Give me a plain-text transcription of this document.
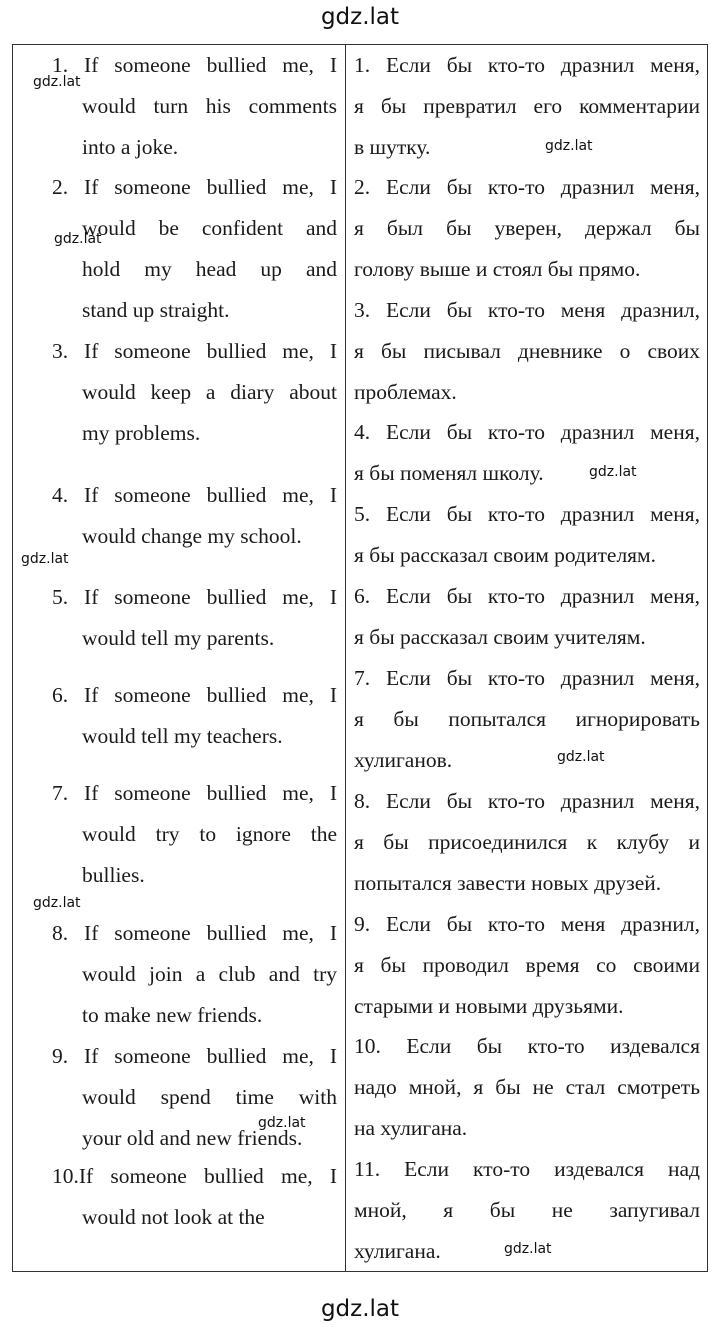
gdz.lat
1. If someone bullied me, I
would turn his comments
into a joke.
2. If someone bullied me, I
would be confident and
hold my head up and
stand up straight.
3. If someone bullied me, I
would keep a diary about
my problems.
4. If someone bullied me, I
would change my school.
5. If someone bullied me, I
would tell my parents.
6. If someone bullied me, I
would tell my teachers.
7. If someone bullied me, I
would try to ignore the
bullies.
8. If someone bullied me, I
would join a club and try
to make new friends.
9. If someone bullied me, I
would spend time with
your old and new friends.
10.If someone bullied me, I
would not look at the
1. Если бы кто-то дразнил меня,
я бы превратил его комментарии
в шутку.
2. Если бы кто-то дразнил меня,
я был бы уверен, держал бы
голову выше и стоял бы прямо.
3. Если бы кто-то меня дразнил,
я бы писывал дневнике о своих
проблемах.
4. Если бы кто-то дразнил меня,
я бы поменял школу.
5. Если бы кто-то дразнил меня,
я бы рассказал своим родителям.
6. Если бы кто-то дразнил меня,
я бы рассказал своим учителям.
7. Если бы кто-то дразнил меня,
я бы попытался игнорировать
хулиганов.
8. Если бы кто-то дразнил меня,
я бы присоединился к клубу и
попытался завести новых друзей.
9. Если бы кто-то меня дразнил,
я бы проводил время со своими
старыми и новыми друзьями.
10. Если бы кто-то издевался
надо мной, я бы не стал смотреть
на хулигана.
11. Если кто-то издевался над
мной, я бы не запугивал
хулигана.
gdz.lat
gdz.lat
gdz.lat
gdz.lat
gdz.lat
gdz.lat
gdz.lat
gdz.lat
gdz.lat
gdz.lat
